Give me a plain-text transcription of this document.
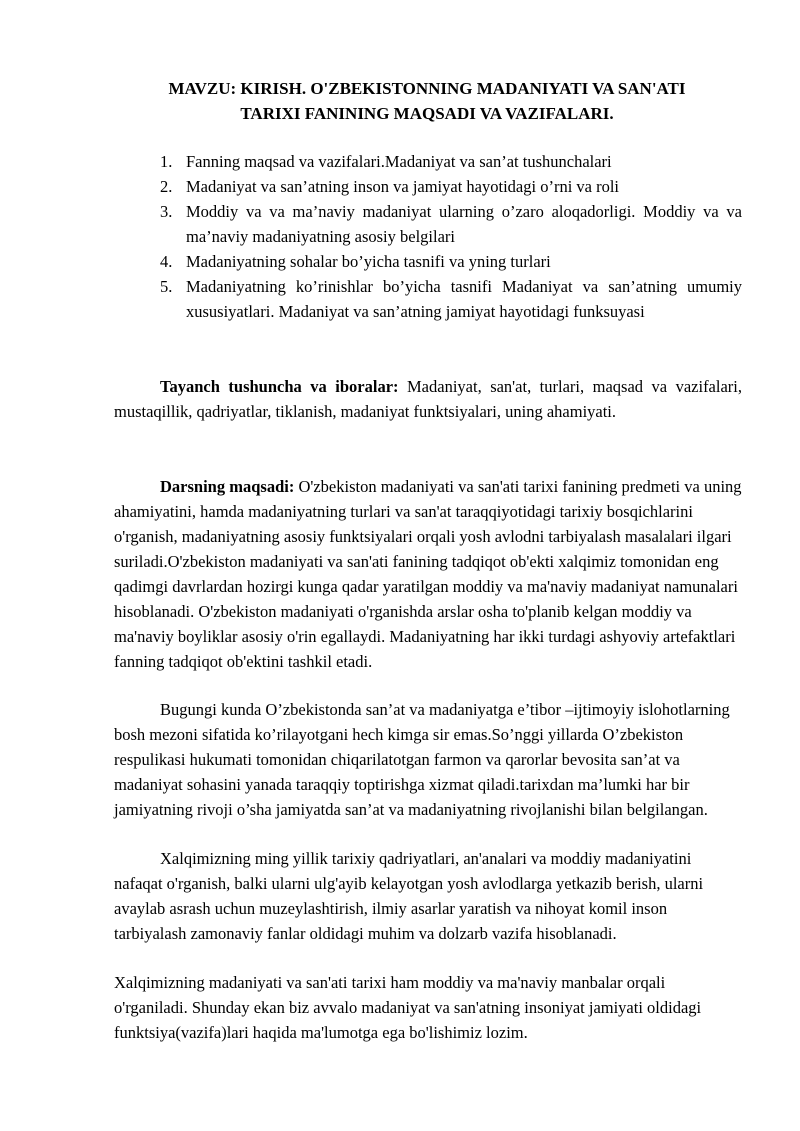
MAVZU: KIRISH. O'ZBEKISTONNING MADANIYATI VA SAN'ATI
TARIXI FANINING MAQSADI VA VAZIFALARI.
1. Fanning maqsad va vazifalari.Madaniyat va san’at tushunchalari
2. Madaniyat va san’atning inson va jamiyat hayotidagi o’rni va roli
3. Moddiy va va ma’naviy madaniyat ularning o’zaro aloqadorligi. Moddiy va va ma’naviy madaniyatning asosiy belgilari
4. Madaniyatning sohalar bo’yicha tasnifi va yning turlari
5. Madaniyatning ko’rinishlar bo’yicha tasnifi Madaniyat va san’atning umumiy xususiyatlari. Madaniyat va san’atning jamiyat hayotidagi funksuyasi

Tayanch tushuncha va iboralar: Madaniyat, san'at, turlari, maqsad va vazifalari, mustaqillik, qadriyatlar, tiklanish, madaniyat funktsiyalari, uning ahamiyati.

Darsning maqsadi: O'zbekiston madaniyati va san'ati tarixi fanining predmeti va uning ahamiyatini, hamda madaniyatning turlari va san'at taraqqiyotidagi tarixiy bosqichlarini o'rganish, madaniyatning asosiy funktsiyalari orqali yosh avlodni tarbiyalash masalalari ilgari suriladi.O'zbekiston madaniyati va san'ati fanining tadqiqot ob'ekti xalqimiz tomonidan eng qadimgi davrlardan hozirgi kunga qadar yaratilgan moddiy va ma'naviy madaniyat namunalari hisoblanadi. O'zbekiston madaniyati o'rganishda arslar osha to'planib kelgan moddiy va ma'naviy boyliklar asosiy o'rin egallaydi. Madaniyatning har ikki turdagi ashyoviy artefaktlari fanning tadqiqot ob'ektini tashkil etadi.

Bugungi kunda O’zbekistonda san’at va madaniyatga e’tibor –ijtimoyiy islohotlarning bosh mezoni sifatida ko’rilayotgani hech kimga sir emas.So’nggi yillarda O’zbekiston respulikasi hukumati tomonidan chiqarilatotgan farmon va qarorlar bevosita san’at va madaniyat sohasini yanada taraqqiy toptirishga xizmat qiladi.tarixdan ma’lumki har bir jamiyatning rivoji o’sha jamiyatda san’at va madaniyatning rivojlanishi bilan belgilangan.

Xalqimizning ming yillik tarixiy qadriyatlari, an'analari va moddiy madaniyatini nafaqat o'rganish, balki ularni ulg'ayib kelayotgan yosh avlodlarga yetkazib berish, ularni avaylab asrash uchun muzeylashtirish, ilmiy asarlar yaratish va nihoyat komil inson tarbiyalash zamonaviy fanlar oldidagi muhim va dolzarb vazifa hisoblanadi.

Xalqimizning madaniyati va san'ati tarixi ham moddiy va ma'naviy manbalar orqali o'rganiladi. Shunday ekan biz avvalo madaniyat va san'atning insoniyat jamiyati oldidagi funktsiya(vazifa)lari haqida ma'lumotga ega bo'lishimiz lozim.
